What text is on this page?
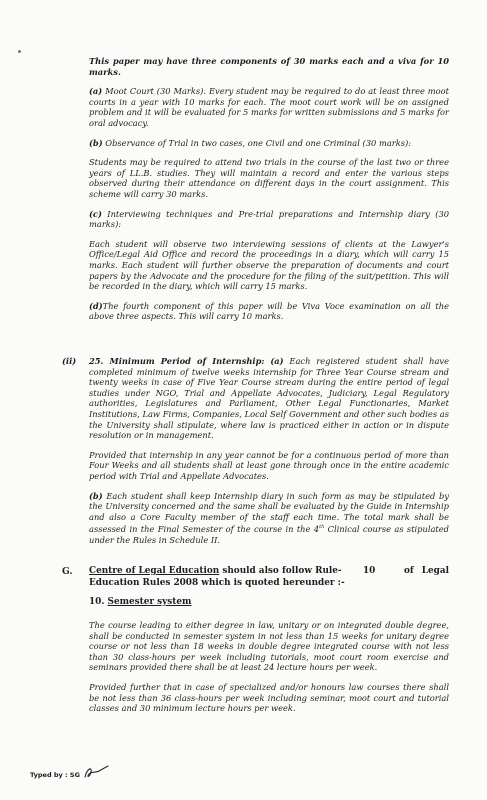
This paper may have three components of 30 marks each and a viva for 10 marks.

(a) Moot Court (30 Marks). Every student may be required to do at least three moot courts in a year with 10 marks for each. The moot court work will be on assigned problem and it will be evaluated for 5 marks for written submissions and 5 marks for oral advocacy.

(b) Observance of Trial in two cases, one Civil and one Criminal (30 marks):

Students may be required to attend two trials in the course of the last two or three years of LL.B. studies. They will maintain a record and enter the various steps observed during their attendance on different days in the court assignment. This scheme will carry 30 marks.

(c) Interviewing techniques and Pre-trial preparations and Internship diary (30 marks):

Each student will observe two interviewing sessions of clients at the Lawyer's Office/Legal Aid Office and record the proceedings in a diary, which will carry 15 marks. Each student will further observe the preparation of documents and court papers by the Advocate and the procedure for the filing of the suit/petition. This will be recorded in the diary, which will carry 15 marks.

(d)The fourth component of this paper will be Viva Voce examination on all the above three aspects. This will carry 10 marks.

(ii) 25. Minimum Period of Internship: (a) Each registered student shall have completed minimum of twelve weeks internship for Three Year Course stream and twenty weeks in case of Five Year Course stream during the entire period of legal studies under NGO, Trial and Appellate Advocates, Judiciary, Legal Regulatory authorities, Legislatures and Parliament, Other Legal Functionaries, Market Institutions, Law Firms, Companies, Local Self Government and other such bodies as the University shall stipulate, where law is practiced either in action or in dispute resolution or in management.

Provided that internship in any year cannot be for a continuous period of more than Four Weeks and all students shall at least gone through once in the entire academic period with Trial and Appellate Advocates.

(b) Each student shall keep Internship diary in such form as may be stipulated by the University concerned and the same shall be evaluated by the Guide in Internship and also a Core Faculty member of the staff each time. The total mark shall be assessed in the Final Semester of the course in the 4th Clinical course as stipulated under the Rules in Schedule II.

G. Centre of Legal Education should also follow Rule- 10	of Legal
Education Rules 2008 which is quoted hereunder :-
10. Semester system

The course leading to either degree in law, unitary or on integrated double degree, shall be conducted in semester system in not less than 15 weeks for unitary degree course or not less than 18 weeks in double degree integrated course with not less than 30 class-hours per week including tutorials, moot court room exercise and seminars provided there shall be at least 24 lecture hours per week.

Provided further that in case of specialized and/or honours law courses there shall be not less than 36 class-hours per week including seminar, moot court and tutorial classes and 30 minimum lecture hours per week.

Typed by : SG
